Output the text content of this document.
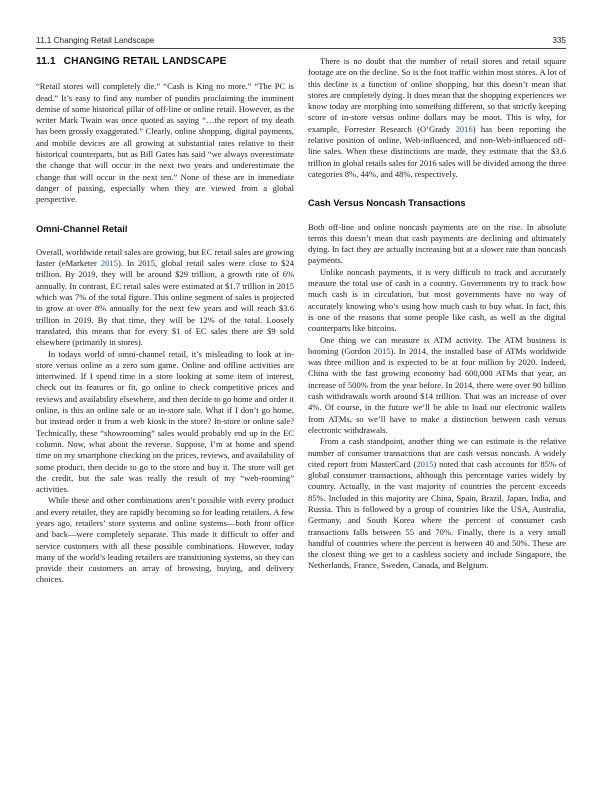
11.1 Changing Retail Landscape	335
11.1 CHANGING RETAIL LANDSCAPE

“Retail stores will completely die.” “Cash is King no more.” “The PC is dead.” It’s easy to find any number of pundits proclaiming the imminent demise of some historical pillar of off-line or online retail. However, as the writer Mark Twain was once quoted as saying “…the report of my death has been grossly exaggerated.” Clearly, online shopping, digital payments, and mobile devices are all growing at substantial rates relative to their historical counterparts, but as Bill Gates has said “we always overestimate the change that will occur in the next two years and underestimate the change that will occur in the next ten.” None of these are in immediate danger of passing, especially when they are viewed from a global perspective.

Omni-Channel Retail

Overall, worldwide retail sales are growing, but EC retail sales are growing faster (eMarketer 2015). In 2015, global retail sales were close to $24 trillion. By 2019, they will be around $29 trillion, a growth rate of 6% annually. In contrast, EC retail sales were estimated at $1.7 trillion in 2015 which was 7% of the total figure. This online segment of sales is projected to grow at over 8% annually for the next few years and will reach $3.6 trillion in 2019. By that time, they will be 12% of the total. Loosely translated, this means that for every $1 of EC sales there are $9 sold elsewhere (primarily in stores).

In todays world of omni-channel retail, it’s misleading to look at in-store versus online as a zero sum game. Online and offline activities are intertwined. If I spend time in a store looking at some item of interest, check out its features or fit, go online to check competitive prices and reviews and availability elsewhere, and then decide to go home and order it online, is this an online sale or an in-store sale. What if I don’t go home, but instead order it from a web kiosk in the store? In-store or online sale? Technically, these “showrooming” sales would probably end up in the EC column. Now, what about the reverse. Suppose, I’m at home and spend time on my smartphone checking on the prices, reviews, and availability of some product, then decide to go to the store and buy it. The store will get the credit, but the sale was really the result of my “web-rooming” activities.

While these and other combinations aren’t possible with every product and every retailer, they are rapidly becoming so for leading retailers. A few years ago, retailers’ store systems and online systems—both front office and back—were completely separate. This made it difficult to offer and service customers with all these possible combinations. However, today many of the world’s leading retailers are transitioning systems, so they can provide their customers an array of browsing, buying, and delivery choices.

There is no doubt that the number of retail stores and retail square footage are on the decline. So is the foot traffic within most stores. A lot of this decline is a function of online shopping, but this doesn’t mean that stores are completely dying. It does mean that the shopping experiences we know today are morphing into something different, so that strictly keeping score of in-store versus online dollars may be moot. This is why, for example, Forrester Research (O’Grady 2016) has been reporting the relative position of online, Web-influenced, and non-Web-influenced off-line sales. When these distinctions are made, they estimate that the $3.6 trillion in global retails sales for 2016 sales will be divided among the three categories 8%, 44%, and 48%, respectively.

Cash Versus Noncash Transactions

Both off-line and online noncash payments are on the rise. In absolute terms this doesn’t mean that cash payments are declining and ultimately dying. In fact they are actually increasing but at a slower rate than noncash payments.

Unlike noncash payments, it is very difficult to track and accurately measure the total use of cash in a country. Governments try to track how much cash is in circulation, but most governments have no way of accurately knowing who’s using how much cash to buy what. In fact, this is one of the reasons that some people like cash, as well as the digital counterparts like bitcoins.

One thing we can measure is ATM activity. The ATM business is booming (Gordon 2015). In 2014, the installed base of ATMs worldwide was three million and is expected to be at four million by 2020. Indeed, China with the fast growing economy had 600,000 ATMs that year, an increase of 500% from the year before. In 2014, there were over 90 billion cash withdrawals worth around $14 trillion. That was an increase of over 4%. Of course, in the future we’ll be able to load our electronic wallets from ATMs, so we’ll have to make a distinction between cash versus electronic withdrawals.

From a cash standpoint, another thing we can estimate is the relative number of consumer transactions that are cash versus noncash. A widely cited report from MasterCard (2015) noted that cash accounts for 85% of global consumer transactions, although this percentage varies widely by country. Actually, in the vast majority of countries the percent exceeds 85%. Included in this majority are China, Spain, Brazil, Japan, India, and Russia. This is followed by a group of countries like the USA, Australia, Germany, and South Korea where the percent of consumer cash transactions falls between 55 and 70%. Finally, there is a very small handful of countries where the percent is between 40 and 50%. These are the closest thing we get to a cashless society and include Singapore, the Netherlands, France, Sweden, Canada, and Belgium.
